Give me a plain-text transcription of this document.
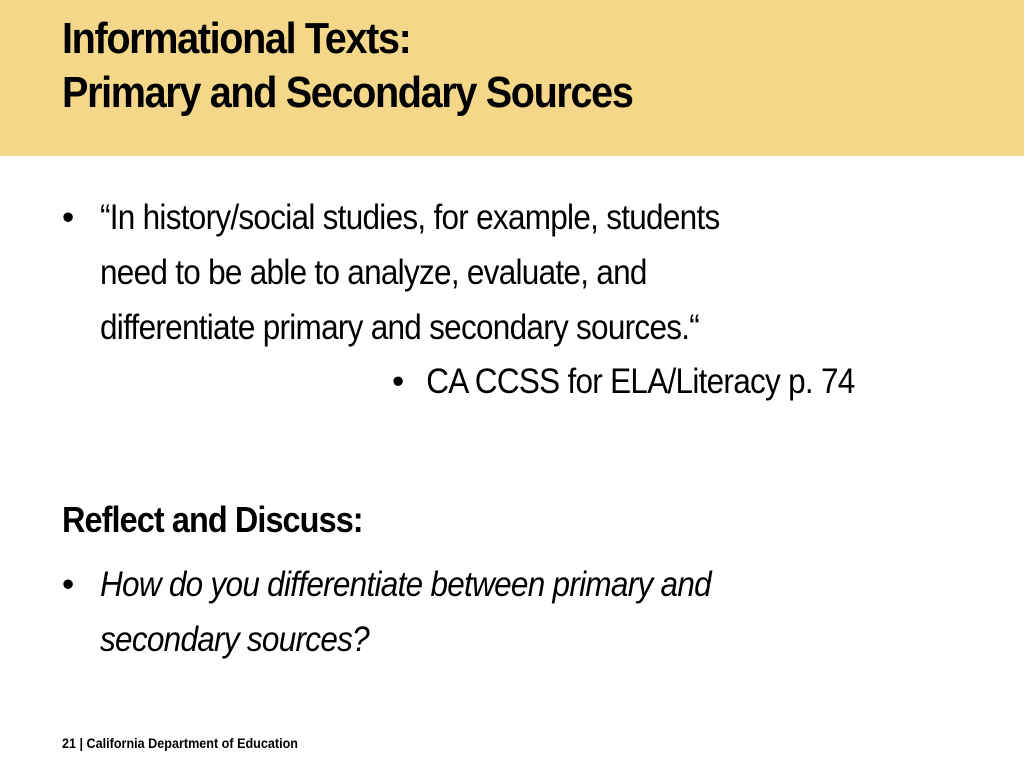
Informational Texts:
Primary and Secondary Sources
• “In history/social studies, for example, students
need to be able to analyze, evaluate, and
differentiate primary and secondary sources.“
• CA CCSS for ELA/Literacy p. 74
Reflect and Discuss:
• How do you differentiate between primary and
secondary sources?
21 | California Department of Education
